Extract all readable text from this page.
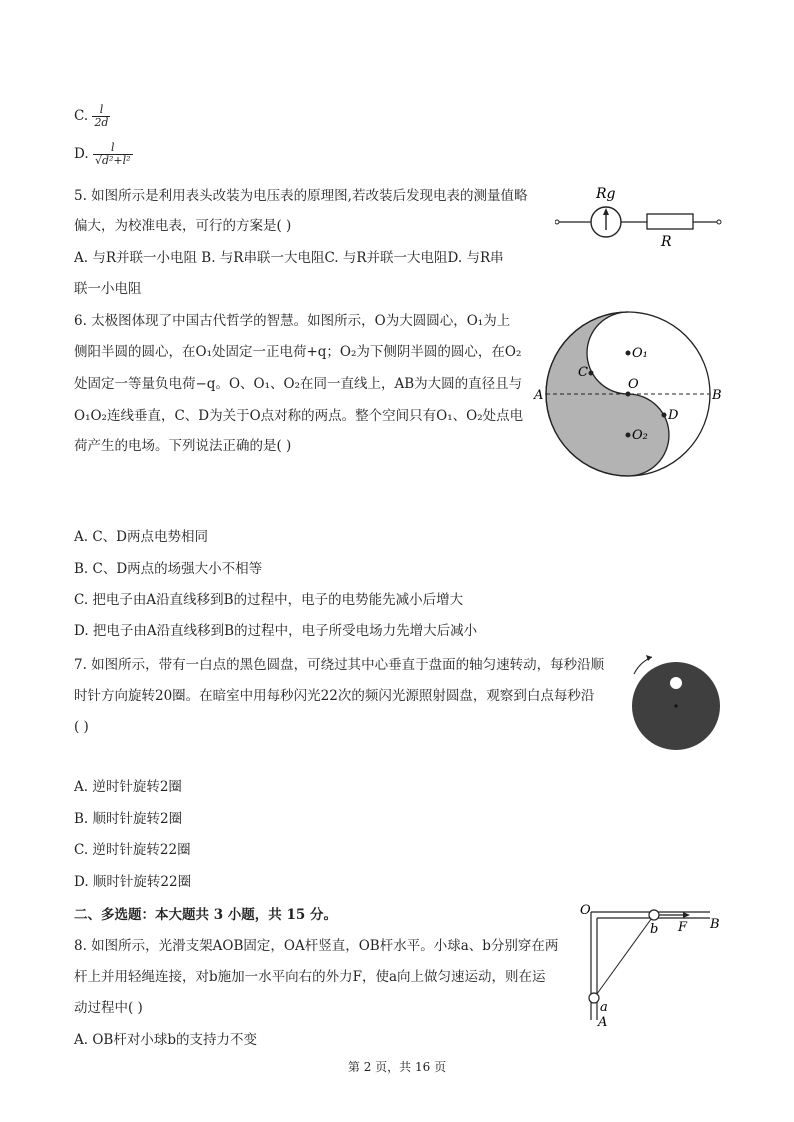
C. $\frac{l}{2d}$
D. $\frac{l}{\text{√d²+l²}}$
5. 如图所示是利用表头改装为电压表的原理图,若改装后发现电表的测量值略
偏大，为校准电表，可行的方案是( )
A. 与R并联一小电阻 B. 与R串联一大电阻C. 与R并联一大电阻D. 与R串
联一小电阻
Rg
R
6. 太极图体现了中国古代哲学的智慧。如图所示，O为大圆圆心，O₁为上
侧阳半圆的圆心，在O₁处固定一正电荷+q；O₂为下侧阴半圆的圆心，在O₂
处固定一等量负电荷−q。O、O₁、O₂在同一直线上，AB为大圆的直径且与
O₁O₂连线垂直，C、D为关于O点对称的两点。整个空间只有O₁、O₂处点电
荷产生的电场。下列说法正确的是( )
O₁
O₂
O
C
D
A	B
A. C、D两点电势相同
B. C、D两点的场强大小不相等
C. 把电子由A沿直线移到B的过程中，电子的电势能先减小后增大
D. 把电子由A沿直线移到B的过程中，电子所受电场力先增大后减小
7. 如图所示，带有一白点的黑色圆盘，可绕过其中心垂直于盘面的轴匀速转动，每秒沿顺
时针方向旋转20圈。在暗室中用每秒闪光22次的频闪光源照射圆盘，观察到白点每秒沿
( )
A. 逆时针旋转2圈
B. 顺时针旋转2圈
C. 逆时针旋转22圈
D. 顺时针旋转22圈
二、多选题：本大题共 3 小题，共 15 分。
8. 如图所示，光滑支架AOB固定，OA杆竖直，OB杆水平。小球a、b分别穿在两
杆上并用轻绳连接，对b施加一水平向右的外力F，使a向上做匀速运动，则在运
动过程中( )
A. OB杆对小球b的支持力不变
O
B
b F
a
A
第 2 页，共 16 页
